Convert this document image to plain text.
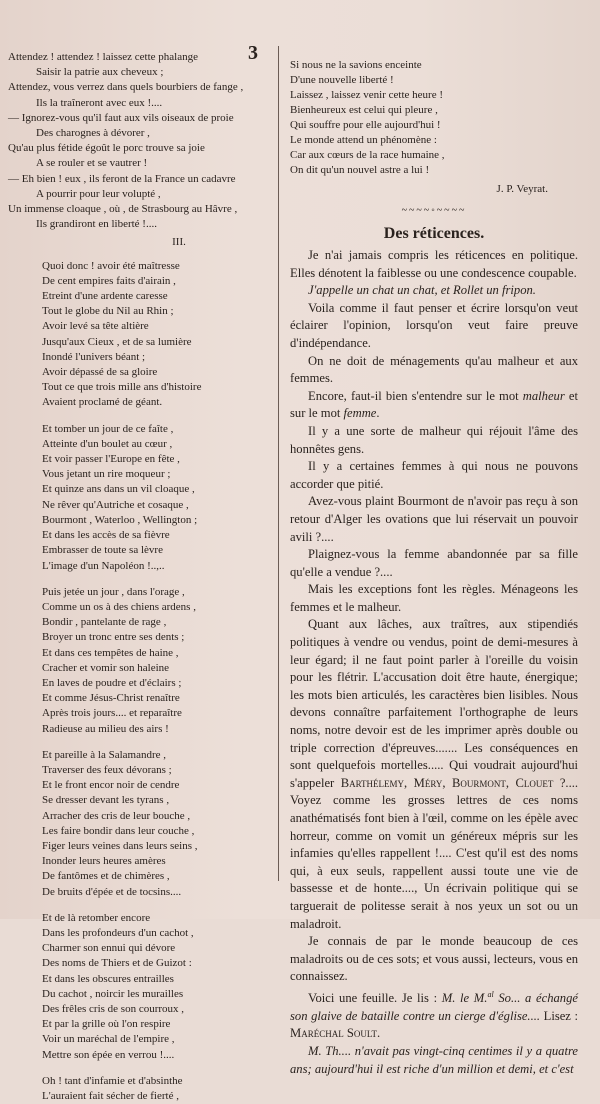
3
Attendez ! attendez ! laissez cette phalange
Saisir la patrie aux cheveux ;
Attendez, vous verrez dans quels bourbiers de fange ,
Ils la traîneront avec eux !....
— Ignorez-vous qu'il faut aux vils oiseaux de proie
Des charognes à dévorer ,
Qu'au plus fétide égoût le porc trouve sa joie
A se rouler et se vautrer !
— Eh bien ! eux , ils feront de la France un cadavre
A pourrir pour leur volupté ,
Un immense cloaque , où , de Strasbourg au Hâvre ,
Ils grandiront en liberté !....
III.
Quoi donc ! avoir été maîtresse
De cent empires faits d'airain ,
Etreint d'une ardente caresse
Tout le globe du Nil au Rhin ;
Avoir levé sa tête altière
Jusqu'aux Cieux , et de sa lumière
Inondé l'univers béant ;
Avoir dépassé de sa gloire
Tout ce que trois mille ans d'histoire
Avaient proclamé de géant.
Et tomber un jour de ce faîte ,
Atteinte d'un boulet au cœur ,
Et voir passer l'Europe en fête ,
Vous jetant un rire moqueur ;
Et quinze ans dans un vil cloaque ,
Ne rêver qu'Autriche et cosaque ,
Bourmont , Waterloo , Wellington ;
Et dans les accès de sa fièvre
Embrasser de toute sa lèvre
L'image d'un Napoléon !..,..
Puis jetée un jour , dans l'orage ,
Comme un os à des chiens ardens ,
Bondir , pantelante de rage ,
Broyer un tronc entre ses dents ;
Et dans ces tempêtes de haine ,
Cracher et vomir son haleine
En laves de poudre et d'éclairs ;
Et comme Jésus-Christ renaître
Après trois jours.... et reparaître
Radieuse au milieu des airs !
Et pareille à la Salamandre ,
Traverser des feux dévorans ;
Et le front encor noir de cendre
Se dresser devant les tyrans ,
Arracher des cris de leur bouche ,
Les faire bondir dans leur couche ,
Figer leurs veines dans leurs seins ,
Inonder leurs heures amères
De fantômes et de chimères ,
De bruits d'épée et de tocsins....
Et de là retomber encore
Dans les profondeurs d'un cachot ,
Charmer son ennui qui dévore
Des noms de Thiers et de Guizot :
Et dans les obscures entrailles
Du cachot , noircir les murailles
Des frêles cris de son courroux ,
Et par la grille où l'on respire
Voir un maréchal de l'empire ,
Mettre son épée en verrou !....
Oh ! tant d'infamie et d'absinthe
L'auraient fait sécher de fierté ,
Si nous ne la savions enceinte
D'une nouvelle liberté !
Laissez , laissez venir cette heure !
Bienheureux est celui qui pleure ,
Qui souffre pour elle aujourd'hui !
Le monde attend un phénomène :
Car aux cœurs de la race humaine ,
On dit qu'un nouvel astre a lui !
J. P. Veyrat.
~~~~◦~~~~
Des réticences.

Je n'ai jamais compris les réticences en politique. Elles dénotent la faiblesse ou une condescence coupable.

J'appelle un chat un chat, et Rollet un fripon.

Voila comme il faut penser et écrire lorsqu'on veut éclairer l'opinion, lorsqu'on veut faire preuve d'indépendance.

On ne doit de ménagements qu'au malheur et aux femmes.

Encore, faut-il bien s'entendre sur le mot malheur et sur le mot femme.

Il y a une sorte de malheur qui réjouit l'âme des honnêtes gens.

Il y a certaines femmes à qui nous ne pouvons accorder que pitié.

Avez-vous plaint Bourmont de n'avoir pas reçu à son retour d'Alger les ovations que lui réservait un pouvoir avili ?....

Plaignez-vous la femme abandonnée par sa fille qu'elle a vendue ?....

Mais les exceptions font les règles. Ménageons les femmes et le malheur.

Quant aux lâches, aux traîtres, aux stipendiés politiques à vendre ou vendus, point de demi-mesures à leur égard; il ne faut point parler à l'oreille du voisin pour les flétrir. L'accusation doit être haute, énergique; les mots bien articulés, les caractères bien lisibles. Nous devons connaître parfaitement l'orthographe de leurs noms, notre devoir est de les imprimer après double ou triple correction d'épreuves....... Les conséquences en sont quelquefois mortelles..... Qui voudrait aujourd'hui s'appeler Barthélemy, Méry, Bourmont, Clouet ?.... Voyez comme les grosses lettres de ces noms anathématisés font bien à l'œil, comme on les épèle avec horreur, comme on vomit un généreux mépris sur les infamies qu'elles rappellent !.... C'est qu'il est des noms qui, à eux seuls, rappellent aussi toute une vie de bassesse et de honte...., Un écrivain politique qui se targuerait de politesse serait à nos yeux un sot ou un maladroit.

Je connais de par le monde beaucoup de ces maladroits ou de ces sots; et vous aussi, lecteurs, vous en connaissez.

Voici une feuille. Je lis : M. le M.$^{al}$ So... a échangé son glaive de bataille contre un cierge d'église.... Lisez : Maréchal Soult.

M. Th.... n'avait pas vingt-cinq centimes il y a quatre ans; aujourd'hui il est riche d'un million et demi, et c'est
